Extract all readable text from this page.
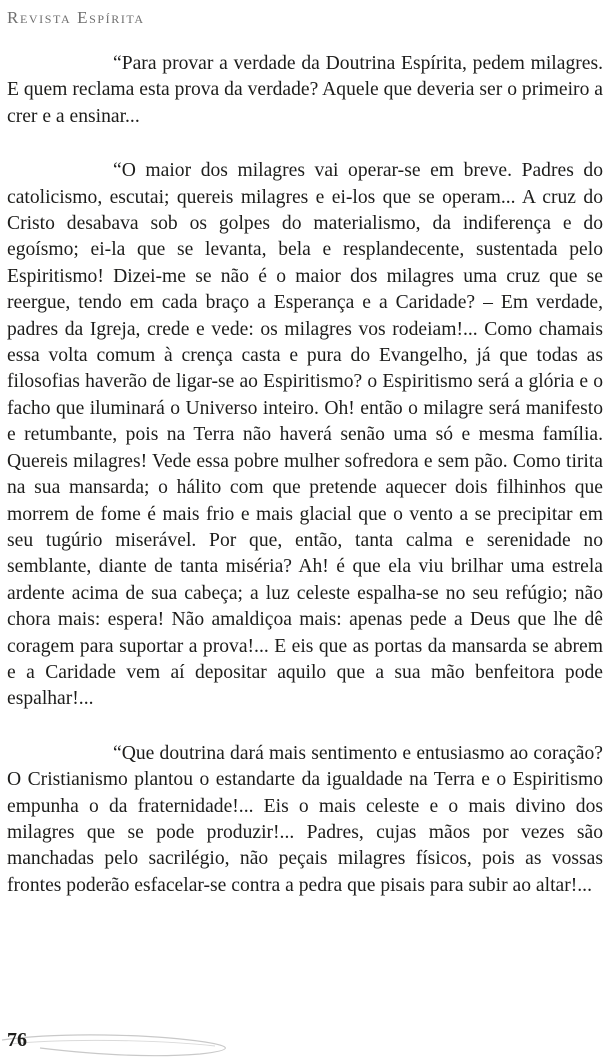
Revista Espírita

“Para provar a verdade da Doutrina Espírita, pedem milagres. E quem reclama esta prova da verdade? Aquele que deveria ser o primeiro a crer e a ensinar...

“O maior dos milagres vai operar-se em breve. Padres do catolicismo, escutai; quereis milagres e ei-los que se operam... A cruz do Cristo desabava sob os golpes do materialismo, da indiferença e do egoísmo; ei-la que se levanta, bela e resplandecente, sustentada pelo Espiritismo! Dizei-me se não é o maior dos milagres uma cruz que se reergue, tendo em cada braço a Esperança e a Caridade? – Em verdade, padres da Igreja, crede e vede: os milagres vos rodeiam!... Como chamais essa volta comum à crença casta e pura do Evangelho, já que todas as filosofias haverão de ligar-se ao Espiritismo? o Espiritismo será a glória e o facho que iluminará o Universo inteiro. Oh! então o milagre será manifesto e retumbante, pois na Terra não haverá senão uma só e mesma família. Quereis milagres! Vede essa pobre mulher sofredora e sem pão. Como tirita na sua mansarda; o hálito com que pretende aquecer dois filhinhos que morrem de fome é mais frio e mais glacial que o vento a se precipitar em seu tugúrio miserável. Por que, então, tanta calma e serenidade no semblante, diante de tanta miséria? Ah! é que ela viu brilhar uma estrela ardente acima de sua cabeça; a luz celeste espalha-se no seu refúgio; não chora mais: espera! Não amaldiçoa mais: apenas pede a Deus que lhe dê coragem para suportar a prova!... E eis que as portas da mansarda se abrem e a Caridade vem aí depositar aquilo que a sua mão benfeitora pode espalhar!...

“Que doutrina dará mais sentimento e entusiasmo ao coração? O Cristianismo plantou o estandarte da igualdade na Terra e o Espiritismo empunha o da fraternidade!... Eis o mais celeste e o mais divino dos milagres que se pode produzir!... Padres, cujas mãos por vezes são manchadas pelo sacrilégio, não peçais milagres físicos, pois as vossas frontes poderão esfacelar-se contra a pedra que pisais para subir ao altar!...

76
